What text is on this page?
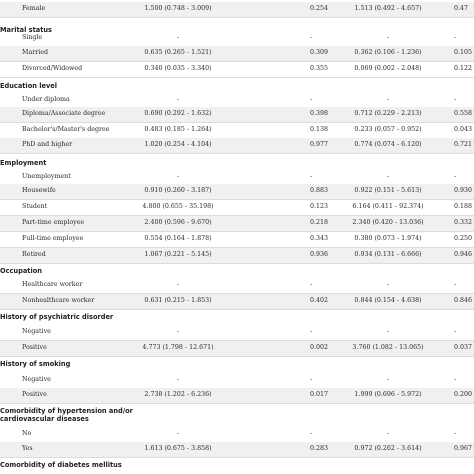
Female	1.500 (0.748 - 3.009)	0.254	1.513 (0.492 - 4.657)	0.47
Marital status
Single	-	-	-	-
Married	0.635 (0.265 - 1.521)	0.309	0.362 (0.106 - 1.236)	0.105
Divorced/Widowed	0.340 (0.035 - 3.340)	0.355	0.069 (0.002 - 2.048)	0.122
Education level
Under diploma	-	-	-	-
Diploma/Associate degree	0.690 (0.292 - 1.632)	0.398	0.712 (0.229 - 2.213)	0.558
Bachelor's/Master's degree	0.483 (0.185 - 1.264)	0.138	0.233 (0.057 - 0.952)	0.043
PhD and higher	1.020 (0.254 - 4.104)	0.977	0.774 (0.074 - 6.120)	0.721
Employment
Unemployment	-	-	-	-
Housewife	0.910 (0.260 - 3.187)	0.883	0.922 (0.151 - 5.613)	0.930
Student	4.800 (0.655 - 35.198)	0.123	6.164 (0.411 - 92.374)	0.188
Part-time employee	2.400 (0.596 - 9.670)	0.218	2.340 (0.420 - 13.036)	0.332
Full-time employee	0.554 (0.164 - 1.878)	0.343	0.380 (0.073 - 1.974)	0.250
Retired	1.067 (0.221 - 5.145)	0.936	0.934 (0.131 - 6.666)	0.946
Occupation
Healthcare worker	-	-	-	-
Nonhealthcare worker	0.631 (0.215 - 1.853)	0.402	0.844 (0.154 - 4.638)	0.846
History of psychiatric disorder
Negative	-	-	-	-
Positive	4.773 (1.798 - 12.671)	0.002	3.760 (1.082 - 13.065)	0.037
History of smoking
Negative	-	-	-	-
Positive	2.738 (1.202 - 6.236)	0.017	1.999 (0.696 - 5.972)	0.200
Comorbidity of hypertension and/or cardiovascular diseases
No	-	-	-	-
Yes	1.613 (0.675 - 3.858)	0.283	0.972 (0.262 - 3.614)	0.967
Comorbidity of diabetes mellitus
